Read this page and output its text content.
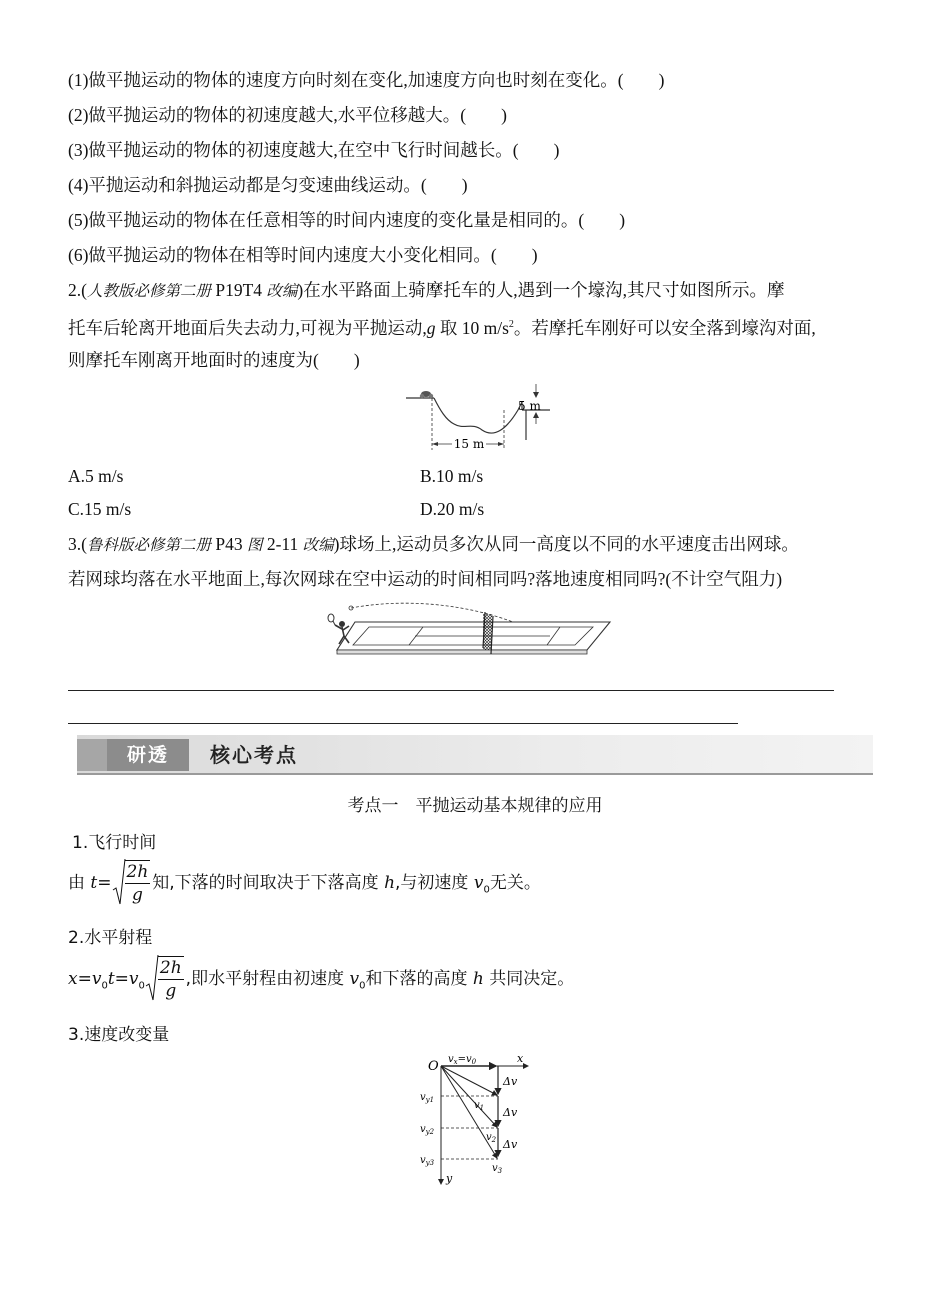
(1)做平抛运动的物体的速度方向时刻在变化,加速度方向也时刻在变化。(　　)
(2)做平抛运动的物体的初速度越大,水平位移越大。(　　)
(3)做平抛运动的物体的初速度越大,在空中飞行时间越长。(　　)
(4)平抛运动和斜抛运动都是匀变速曲线运动。(　　)
(5)做平抛运动的物体在任意相等的时间内速度的变化量是相同的。(　　)
(6)做平抛运动的物体在相等时间内速度大小变化相同。(　　)
2.(人教版必修第二册 P19T4 改编)在水平路面上骑摩托车的人,遇到一个壕沟,其尺寸如图所示。摩
托车后轮离开地面后失去动力,可视为平抛运动,g 取 10 $m/s^2$。若摩托车刚好可以安全落到壕沟对面,
则摩托车刚离开地面时的速度为(　　)
15 m
5 m
A.5 m/s	B.10 m/s
C.15 m/s	D.20 m/s
3.(鲁科版必修第二册 P43 图 2-11 改编)球场上,运动员多次从同一高度以不同的水平速度击出网球。
若网球均落在水平地面上,每次网球在空中运动的时间相同吗?落地速度相同吗?(不计空气阻力)
研透	核心考点
考点一　平抛运动基本规律的应用
1.飞行时间
由 $t= \frac{2h}{g}$ 知,下落的时间取决于下落高度 h,与初速度 $v_0$无关。
2.水平射程
$x=v_0t=v_0 \frac{2h}{g}$ ,即水平射程由初速度 $v_0$和下落的高度 h 共同决定。
3.速度改变量
O $v_x=v_0$	x
y
Δv
Δv
Δv
$v_{y1}$
$v_{y2}$
$v_{y3}$
$v_1$
$v_2$
$v_3$
